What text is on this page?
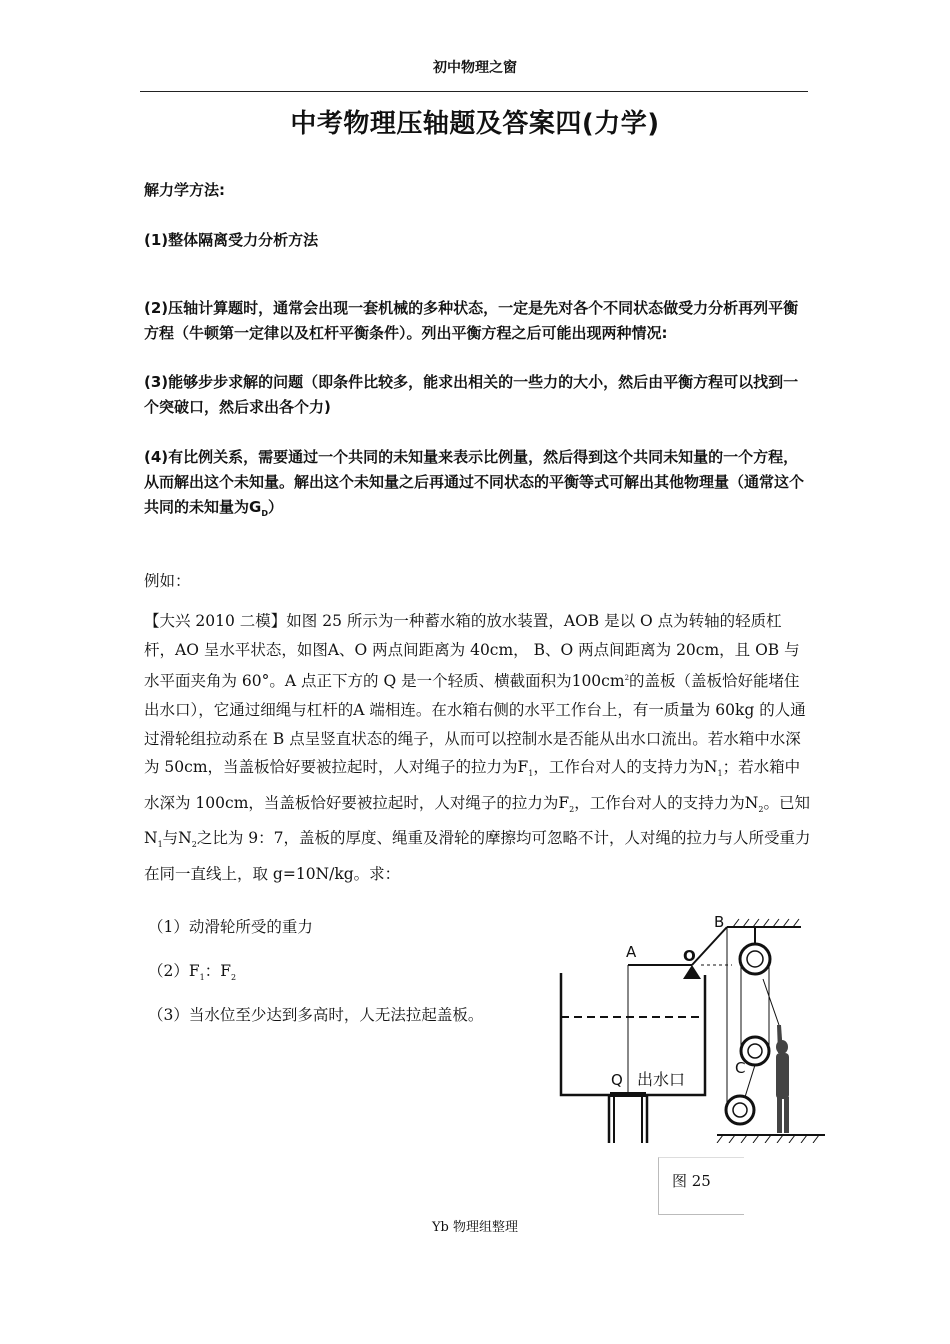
初中物理之窗
中考物理压轴题及答案四(力学)
解力学方法:
(1)整体隔离受力分析方法
(2)压轴计算题时，通常会出现一套机械的多种状态，一定是先对各个不同状态做受力分析再列平衡方程（牛顿第一定律以及杠杆平衡条件）。列出平衡方程之后可能出现两种情况:
(3)能够步步求解的问题（即条件比较多，能求出相关的一些力的大小，然后由平衡方程可以找到一个突破口，然后求出各个力)
(4)有比例关系，需要通过一个共同的未知量来表示比例量，然后得到这个共同未知量的一个方程，从而解出这个未知量。解出这个未知量之后再通过不同状态的平衡等式可解出其他物理量（通常这个共同的未知量为$G_D$）
例如：
【大兴 2010 二模】如图 25 所示为一种蓄水箱的放水装置，AOB 是以 O 点为转轴的轻质杠杆，AO 呈水平状态，如图A、O 两点间距离为 40cm， B、O 两点间距离为 20cm，且 OB 与水平面夹角为 60°。A 点正下方的 Q 是一个轻质、横截面积为$100cm^2$的盖板（盖板恰好能堵住出水口），它通过细绳与杠杆的A 端相连。在水箱右侧的水平工作台上，有一质量为 60kg 的人通过滑轮组拉动系在 B 点呈竖直状态的绳子，从而可以控制水是否能从出水口流出。若水箱中水深为 50cm，当盖板恰好要被拉起时，人对绳子的拉力为$F_1$，工作台对人的支持力为$N_1$；若水箱中水深为 100cm，当盖板恰好要被拉起时，人对绳子的拉力为$F_2$，工作台对人的支持力为$N_2$。已知$N_1$与$N_2$之比为 9：7，盖板的厚度、绳重及滑轮的摩擦均可忽略不计，人对绳的拉力与人所受重力在同一直线上，取 g=10N/kg。求：
（1）动滑轮所受的重力
$(2)F_1$：$F_2$
（3）当水位至少达到多高时，人无法拉起盖板。
A	O
B
C
Q 出水口
图 25
Yb 物理组整理
